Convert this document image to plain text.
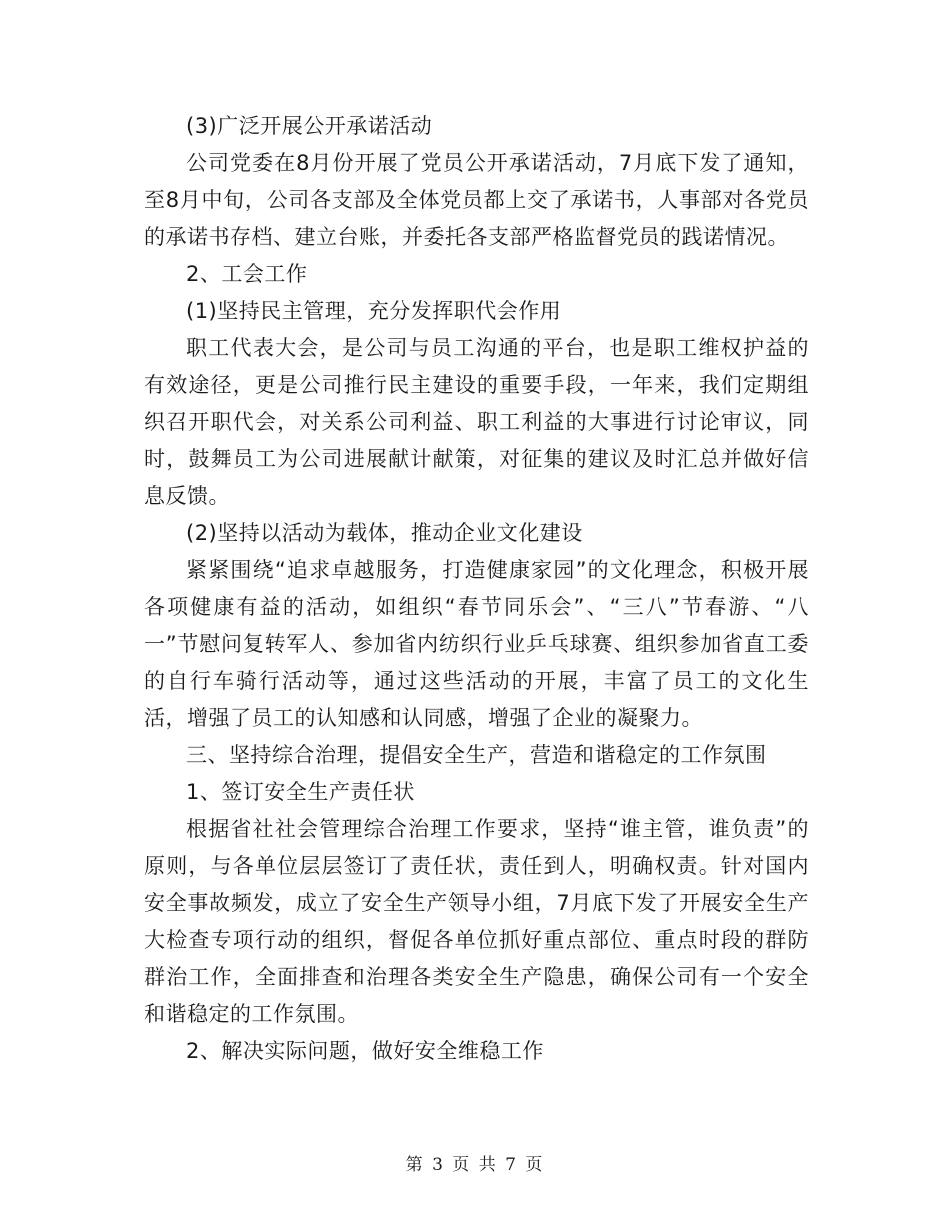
(3)广泛开展公开承诺活动

公司党委在8月份开展了党员公开承诺活动，7月底下发了通知，至8月中旬，公司各支部及全体党员都上交了承诺书，人事部对各党员的承诺书存档、建立台账，并委托各支部严格监督党员的践诺情况。

2、工会工作

(1)坚持民主管理，充分发挥职代会作用

职工代表大会，是公司与员工沟通的平台，也是职工维权护益的有效途径，更是公司推行民主建设的重要手段，一年来，我们定期组织召开职代会，对关系公司利益、职工利益的大事进行讨论审议，同时，鼓舞员工为公司进展献计献策，对征集的建议及时汇总并做好信息反馈。

(2)坚持以活动为载体，推动企业文化建设

紧紧围绕“追求卓越服务，打造健康家园”的文化理念，积极开展各项健康有益的活动，如组织“春节同乐会”、“三八”节春游、“八一”节慰问复转军人、参加省内纺织行业乒乓球赛、组织参加省直工委的自行车骑行活动等，通过这些活动的开展，丰富了员工的文化生活，增强了员工的认知感和认同感，增强了企业的凝聚力。

三、坚持综合治理，提倡安全生产，营造和谐稳定的工作氛围

1、签订安全生产责任状

根据省社社会管理综合治理工作要求，坚持“谁主管，谁负责”的原则，与各单位层层签订了责任状，责任到人，明确权责。针对国内安全事故频发，成立了安全生产领导小组，7月底下发了开展安全生产大检查专项行动的组织，督促各单位抓好重点部位、重点时段的群防群治工作，全面排查和治理各类安全生产隐患，确保公司有一个安全和谐稳定的工作氛围。

2、解决实际问题，做好安全维稳工作

第 3 页 共 7 页
